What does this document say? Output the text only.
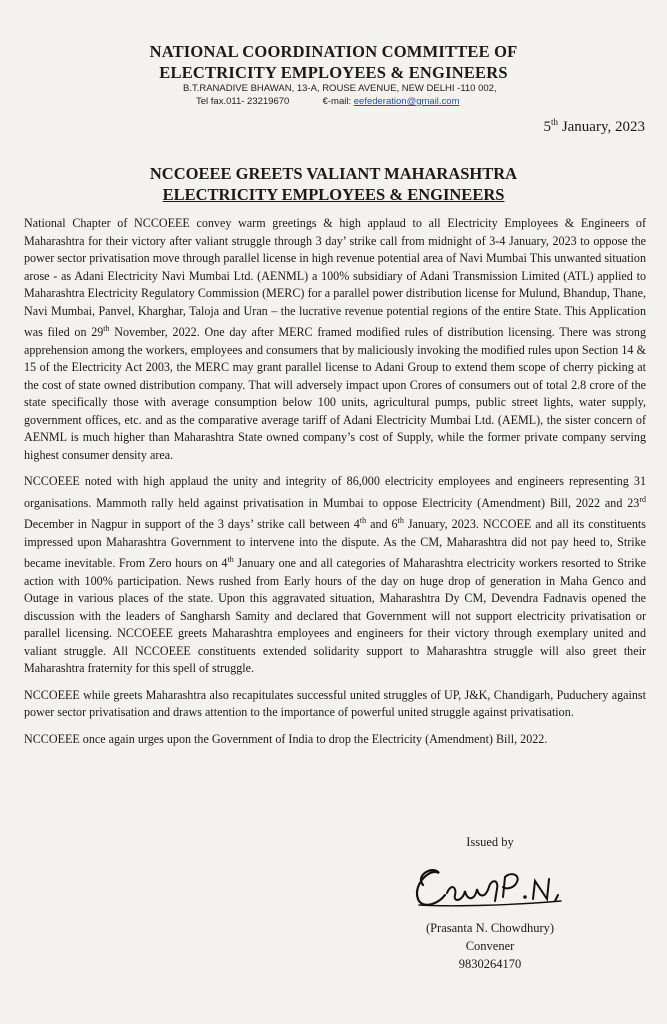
NATIONAL COORDINATION COMMITTEE OF
ELECTRICITY EMPLOYEES & ENGINEERS
B.T.RANADIVE BHAWAN, 13-A, ROUSE AVENUE, NEW DELHI -110 002,
Tel fax.011- 23219670	€-mail: eefederation@gmail.com
5th January, 2023
NCCOEEE GREETS VALIANT MAHARASHTRA
ELECTRICITY EMPLOYEES & ENGINEERS

National Chapter of NCCOEEE convey warm greetings & high applaud to all Electricity Employees & Engineers of Maharashtra for their victory after valiant struggle through 3 day’ strike call from midnight of 3-4 January, 2023 to oppose the power sector privatisation move through parallel license in high revenue potential area of Navi Mumbai This unwanted situation arose - as Adani Electricity Navi Mumbai Ltd. (AENML) a 100% subsidiary of Adani Transmission Limited (ATL) applied to Maharashtra Electricity Regulatory Commission (MERC) for a parallel power distribution license for Mulund, Bhandup, Thane, Navi Mumbai, Panvel, Kharghar, Taloja and Uran – the lucrative revenue potential regions of the entire State. This Application was filed on 29th November, 2022. One day after MERC framed modified rules of distribution licensing. There was strong apprehension among the workers, employees and consumers that by maliciously invoking the modified rules upon Section 14 & 15 of the Electricity Act 2003, the MERC may grant parallel license to Adani Group to extend them scope of cherry picking at the cost of state owned distribution company. That will adversely impact upon Crores of consumers out of total 2.8 crore of the state specifically those with average consumption below 100 units, agricultural pumps, public street lights, water supply, government offices, etc. and as the comparative average tariff of Adani Electricity Mumbai Ltd. (AEML), the sister concern of AENML is much higher than Maharashtra State owned company’s cost of Supply, while the former private company serving highest consumer density area.

NCCOEEE noted with high applaud the unity and integrity of 86,000 electricity employees and engineers representing 31 organisations. Mammoth rally held against privatisation in Mumbai to oppose Electricity (Amendment) Bill, 2022 and 23rd December in Nagpur in support of the 3 days’ strike call between 4th and 6th January, 2023. NCCOEE and all its constituents impressed upon Maharashtra Government to intervene into the dispute. As the CM, Maharashtra did not pay heed to, Strike became inevitable. From Zero hours on 4th January one and all categories of Maharashtra electricity workers resorted to Strike action with 100% participation. News rushed from Early hours of the day on huge drop of generation in Maha Genco and Outage in various places of the state. Upon this aggravated situation, Maharashtra Dy CM, Devendra Fadnavis opened the discussion with the leaders of Sangharsh Samity and declared that Government will not support electricity privatisation or parallel licensing. NCCOEEE greets Maharashtra employees and engineers for their victory through exemplary united and valiant struggle. All NCCOEEE constituents extended solidarity support to Maharashtra struggle will also greet their Maharashtra fraternity for this spell of struggle.

NCCOEEE while greets Maharashtra also recapitulates successful united struggles of UP, J&K, Chandigarh, Puduchery against power sector privatisation and draws attention to the importance of powerful united struggle against privatisation.

NCCOEEE once again urges upon the Government of India to drop the Electricity (Amendment) Bill, 2022.

Issued by
(Prasanta N. Chowdhury)
Convener
9830264170
